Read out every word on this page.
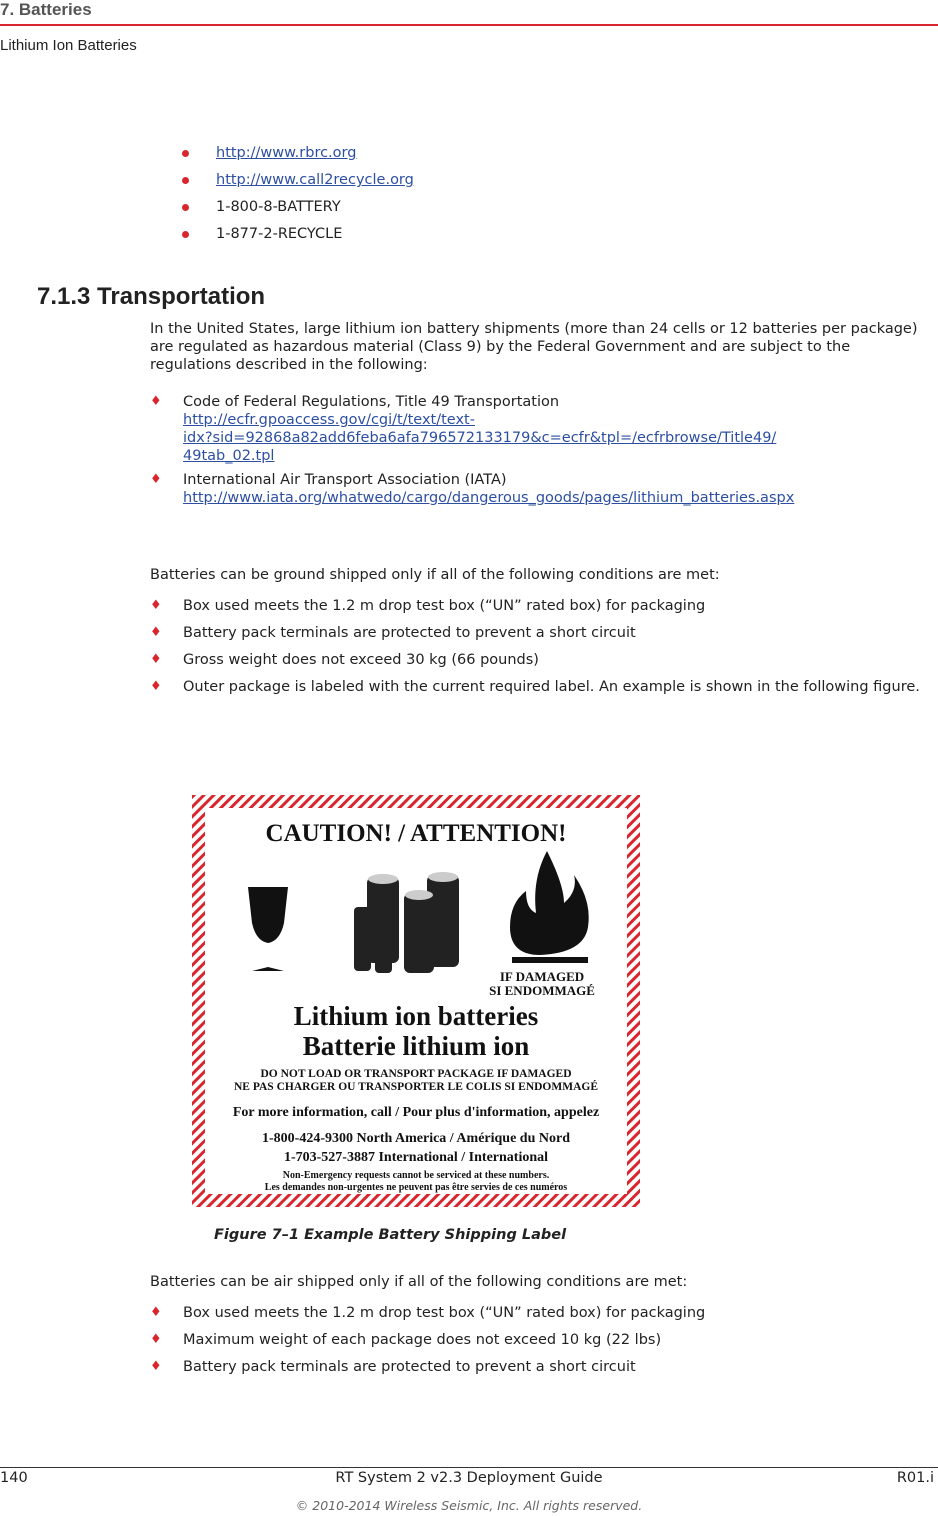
7. Batteries
Lithium Ion Batteries
http://www.rbrc.org
http://www.call2recycle.org
1-800-8-BATTERY
1-877-2-RECYCLE
7.1.3 Transportation

In the United States, large lithium ion battery shipments (more than 24 cells or 12 batteries per package) are regulated as hazardous material (Class 9) by the Federal Government and are subject to the regulations described in the following:

♦ Code of Federal Regulations, Title 49 Transportation
http://ecfr.gpoaccess.gov/cgi/t/text/text-
idx?sid=92868a82add6feba6afa796572133179&c=ecfr&tpl=/ecfrbrowse/Title49/
49tab_02.tpl
♦ International Air Transport Association (IATA)
http://www.iata.org/whatwedo/cargo/dangerous_goods/pages/lithium_batteries.aspx

Batteries can be ground shipped only if all of the following conditions are met:

♦ Box used meets the 1.2 m drop test box (“UN” rated box) for packaging
♦ Battery pack terminals are protected to prevent a short circuit
♦ Gross weight does not exceed 30 kg (66 pounds)
♦ Outer package is labeled with the current required label. An example is shown in the following figure.
CAUTION! / ATTENTION!
IF DAMAGED
SI ENDOMMAGÉ
Lithium ion batteries
Batterie lithium ion
DO NOT LOAD OR TRANSPORT PACKAGE IF DAMAGED
NE PAS CHARGER OU TRANSPORTER LE COLIS SI ENDOMMAGÉ
For more information, call / Pour plus d'information, appelez
1-800-424-9300 North America / Amérique du Nord
1-703-527-3887 International / International
Non-Emergency requests cannot be serviced at these numbers.
Les demandes non-urgentes ne peuvent pas être servies de ces numéros
Figure 7–1 Example Battery Shipping Label

Batteries can be air shipped only if all of the following conditions are met:

♦ Box used meets the 1.2 m drop test box (“UN” rated box) for packaging
♦ Maximum weight of each package does not exceed 10 kg (22 lbs)
♦ Battery pack terminals are protected to prevent a short circuit
140	RT System 2 v2.3 Deployment Guide	R01.i
© 2010-2014 Wireless Seismic, Inc. All rights reserved.
